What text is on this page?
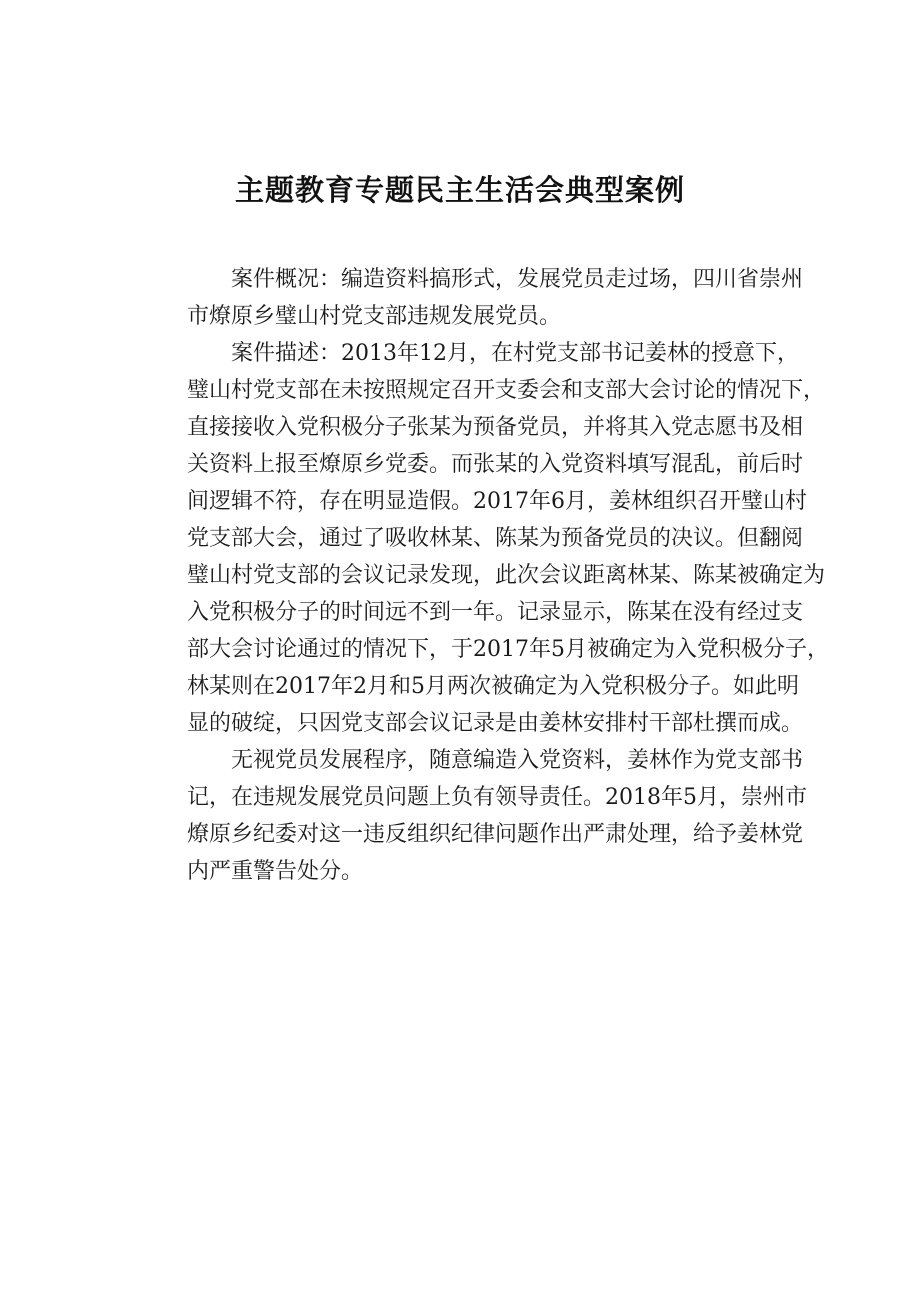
主题教育专题民主生活会典型案例
案件概况：编造资料搞形式，发展党员走过场，四川省崇州
市燎原乡璧山村党支部违规发展党员。
案件描述：2013年12月，在村党支部书记姜林的授意下，
璧山村党支部在未按照规定召开支委会和支部大会讨论的情况下，
直接接收入党积极分子张某为预备党员，并将其入党志愿书及相
关资料上报至燎原乡党委。而张某的入党资料填写混乱，前后时
间逻辑不符，存在明显造假。2017年6月，姜林组织召开璧山村
党支部大会，通过了吸收林某、陈某为预备党员的决议。但翻阅
璧山村党支部的会议记录发现，此次会议距离林某、陈某被确定为
入党积极分子的时间远不到一年。记录显示，陈某在没有经过支
部大会讨论通过的情况下，于2017年5月被确定为入党积极分子，
林某则在2017年2月和5月两次被确定为入党积极分子。如此明
显的破绽，只因党支部会议记录是由姜林安排村干部杜撰而成。
无视党员发展程序，随意编造入党资料，姜林作为党支部书
记，在违规发展党员问题上负有领导责任。2018年5月，崇州市
燎原乡纪委对这一违反组织纪律问题作出严肃处理，给予姜林党
内严重警告处分。
